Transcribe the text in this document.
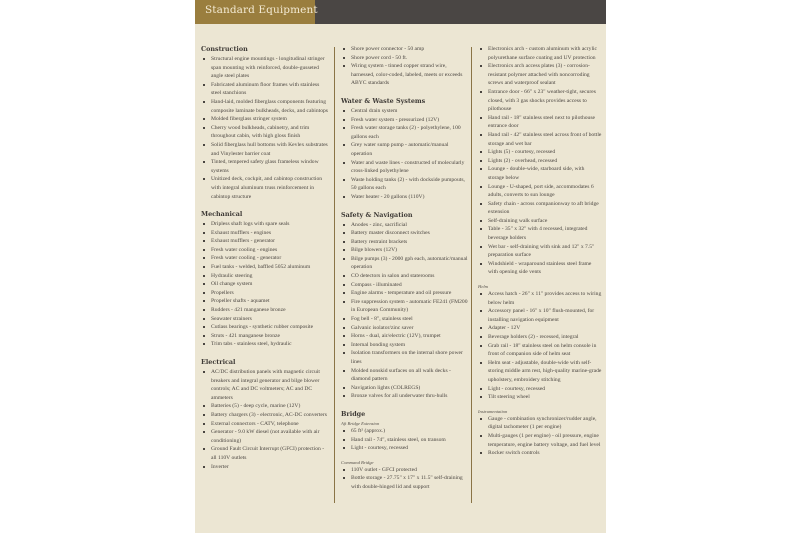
Standard Equipment
Construction
Structural engine mountings - longitudinal stringer span mounting with reinforced, double-gusseted angle steel plates
Fabricated aluminum floor frames with stainless steel stanchions
Hand-laid, molded fiberglass components featuring composite laminate bulkheads, decks, and cabintops
Molded fiberglass stringer system
Cherry wood bulkheads, cabinetry, and trim throughout cabin, with high gloss finish
Solid fiberglass hull bottoms with Kevlex substrates and Vinylester barrier coat
Tinted, tempered safety glass frameless window systems
Unitized deck, cockpit, and cabintop construction with integral aluminum truss reinforcement in cabintop structure
Mechanical
Dripless shaft logs with spare seals
Exhaust mufflers - engines
Exhaust mufflers - generator
Fresh water cooling - engines
Fresh water cooling - generator
Fuel tanks - welded, baffled 5052 aluminum
Hydraulic steering
Oil change system
Propellers
Propeller shafts - aquamet
Rudders - 421 manganese bronze
Seawater strainers
Cutlass bearings - synthetic rubber composite
Struts - 421 manganese bronze
Trim tabs - stainless steel, hydraulic
Electrical
AC/DC distribution panels with magnetic circuit breakers and integral generator and bilge blower controls; AC and DC voltmeters; AC and DC ammeters
Batteries (5) - deep cycle, marine (12V)
Battery chargers (3) - electronic, AC-DC converters
External connectors - CATV, telephone
Generator - 9.0 kW diesel (not available with air conditioning)
Ground Fault Circuit Interrupt (GFCI) protection - all 110V outlets
Inverter
Shore power connector - 50 amp
Shore power cord - 50 ft.
Wiring system - tinned copper strand wire, harnessed, color-coded, labeled, meets or exceeds ABYC standards
Water & Waste Systems
Central drain system
Fresh water system - pressurized (12V)
Fresh water storage tanks (2) - polyethylene, 100 gallons each
Grey water sump pump - automatic/manual operation
Water and waste lines - constructed of molecularly cross-linked polyethylene
Waste holding tanks (2) - with dockside pumpouts, 50 gallons each
Water heater - 20 gallons (110V)
Safety & Navigation
Anodes - zinc, sacrificial
Battery master disconnect switches
Battery restraint brackets
Bilge blowers (12V)
Bilge pumps (3) - 2000 gph each, automatic/manual operation
CO detectors in salon and staterooms
Compass - illuminated
Engine alarms - temperature and oil pressure
Fire suppression system - automatic FE241 (FM200 in European Community)
Fog bell - 8", stainless steel
Galvanic isolator/zinc saver
Horns - dual, air/electric (12V), trumpet
Internal bonding system
Isolation transformers on the internal shore power lines
Molded nonskid surfaces on all walk decks - diamond pattern
Navigation lights (COLREGS)
Bronze valves for all underwater thru-hulls
Bridge
Aft Bridge Extension
65 ft² (approx.)
Hand rail - 74", stainless steel, on transom
Light - courtesy, recessed
Command Bridge
110V outlet - GFCI protected
Bottle storage - 27.75" x 17" x 11.5" self-draining with double-hinged lid and support
Electronics arch - custom aluminum with acrylic polyurethane surface coating and UV protection
Electronics arch access plates (3) - corrosion-resistant polymer attached with noncorroding screws and waterproof sealant
Entrance door - 66" x 23" weather-tight, secures closed, with 3 gas shocks provides access to pilothouse
Hand rail - 18" stainless steel next to pilothouse entrance door
Hand rail - 42" stainless steel across front of bottle storage and wet bar
Lights (5) - courtesy, recessed
Lights (2) - overhead, recessed
Lounge - double-wide, starboard side, with storage below
Lounge - U-shaped, port side, accommodates 6 adults, converts to sun lounge
Safety chain - across companionway to aft bridge extension
Self-draining walk surface
Table - 35" x 32" with 4 recessed, integrated beverage holders
Wet bar - self-draining with sink and 12" x 7.5" preparation surface
Windshield - wraparound stainless steel frame with opening side vents
Helm
Access hatch - 26" x 11" provides access to wiring below helm
Accessory panel - 16" x 10" flush-mounted, for installing navigation equipment
Adapter - 12V
Beverage holders (2) - recessed, integral
Grab rail - 18" stainless steel on helm console in front of companion side of helm seat
Helm seat - adjustable, double-wide with self-storing middle arm rest, high-quality marine-grade upholstery, embroidery stitching
Light - courtesy, recessed
Tilt steering wheel
Instrumentation
Gauge - combination synchronizer/rudder angle, digital tachometer (1 per engine)
Multi-gauges (1 per engine) - oil pressure, engine temperature, engine battery voltage, and fuel level
Rocker switch controls
